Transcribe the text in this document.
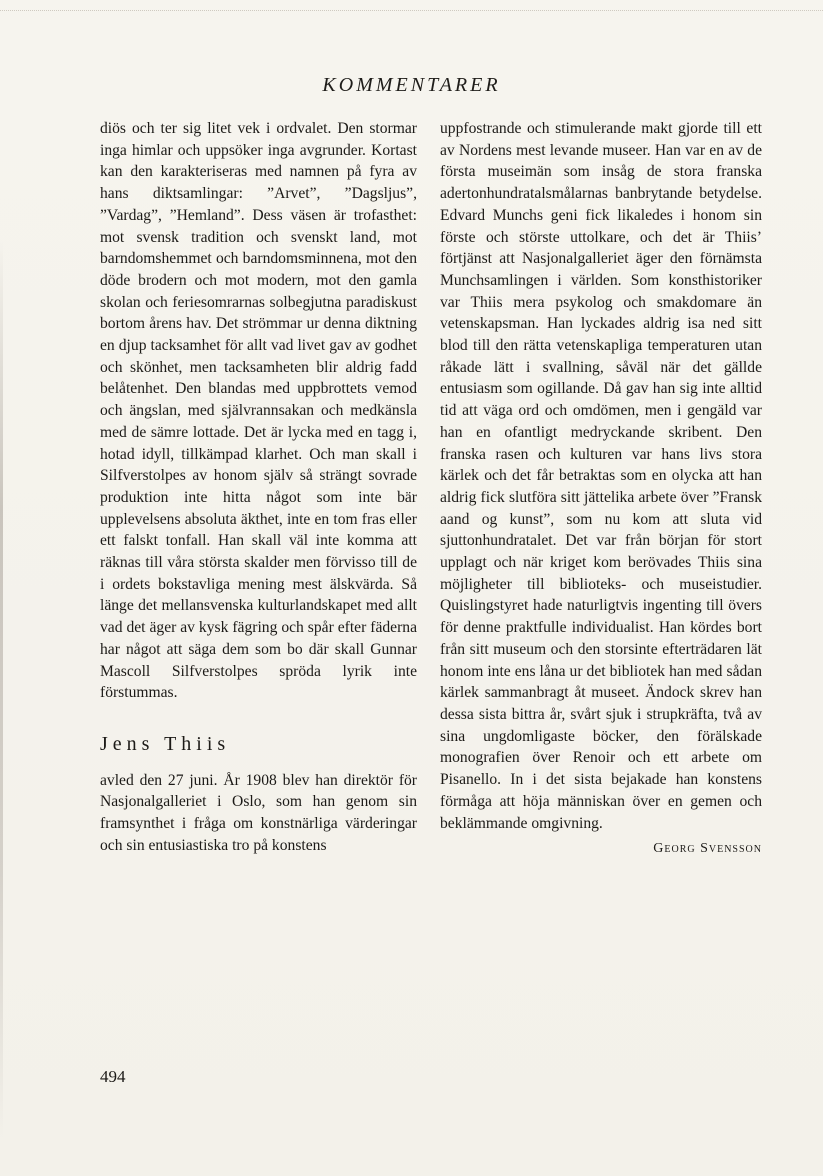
KOMMENTARER

diös och ter sig litet vek i ordvalet. Den stormar inga himlar och uppsöker inga avgrunder. Kortast kan den karakteriseras med namnen på fyra av hans diktsamlingar: ”Arvet”, ”Dagsljus”, ”Vardag”, ”Hemland”. Dess väsen är trofasthet: mot svensk tradition och svenskt land, mot barndomshemmet och barndomsminnena, mot den döde brodern och mot modern, mot den gamla skolan och feriesomrarnas solbegjutna paradiskust bortom årens hav. Det strömmar ur denna diktning en djup tacksamhet för allt vad livet gav av godhet och skönhet, men tacksamheten blir aldrig fadd belåtenhet. Den blandas med uppbrottets vemod och ängslan, med självrannsakan och medkänsla med de sämre lottade. Det är lycka med en tagg i, hotad idyll, tillkämpad klarhet. Och man skall i Silfverstolpes av honom själv så strängt sovrade produktion inte hitta något som inte bär upplevelsens absoluta äkthet, inte en tom fras eller ett falskt tonfall. Han skall väl inte komma att räknas till våra största skalder men förvisso till de i ordets bokstavliga mening mest älskvärda. Så länge det mellansvenska kulturlandskapet med allt vad det äger av kysk fägring och spår efter fäderna har något att säga dem som bo där skall Gunnar Mascoll Silfverstolpes spröda lyrik inte förstummas.

Jens Thiis

avled den 27 juni. År 1908 blev han direktör för Nasjonalgalleriet i Oslo, som han genom sin framsynthet i fråga om konstnärliga värderingar och sin entusiastiska tro på konstens

uppfostrande och stimulerande makt gjorde till ett av Nordens mest levande museer. Han var en av de första museimän som insåg de stora franska adertonhundratalsmålarnas banbrytande betydelse. Edvard Munchs geni fick likaledes i honom sin förste och störste uttolkare, och det är Thiis’ förtjänst att Nasjonalgalleriet äger den förnämsta Munchsamlingen i världen. Som konsthistoriker var Thiis mera psykolog och smakdomare än vetenskapsman. Han lyckades aldrig isa ned sitt blod till den rätta vetenskapliga temperaturen utan råkade lätt i svallning, såväl när det gällde entusiasm som ogillande. Då gav han sig inte alltid tid att väga ord och omdömen, men i gengäld var han en ofantligt medryckande skribent. Den franska rasen och kulturen var hans livs stora kärlek och det får betraktas som en olycka att han aldrig fick slutföra sitt jättelika arbete över ”Fransk aand og kunst”, som nu kom att sluta vid sjuttonhundratalet. Det var från början för stort upplagt och när kriget kom berövades Thiis sina möjligheter till biblioteks- och museistudier. Quislingstyret hade naturligtvis ingenting till övers för denne praktfulle individualist. Han kördes bort från sitt museum och den storsinte efterträdaren lät honom inte ens låna ur det bibliotek han med sådan kärlek sammanbragt åt museet. Ändock skrev han dessa sista bittra år, svårt sjuk i strupkräfta, två av sina ungdomligaste böcker, den förälskade monografien över Renoir och ett arbete om Pisanello. In i det sista bejakade han konstens förmåga att höja människan över en gemen och beklämmande omgivning.

Georg Svensson
494
